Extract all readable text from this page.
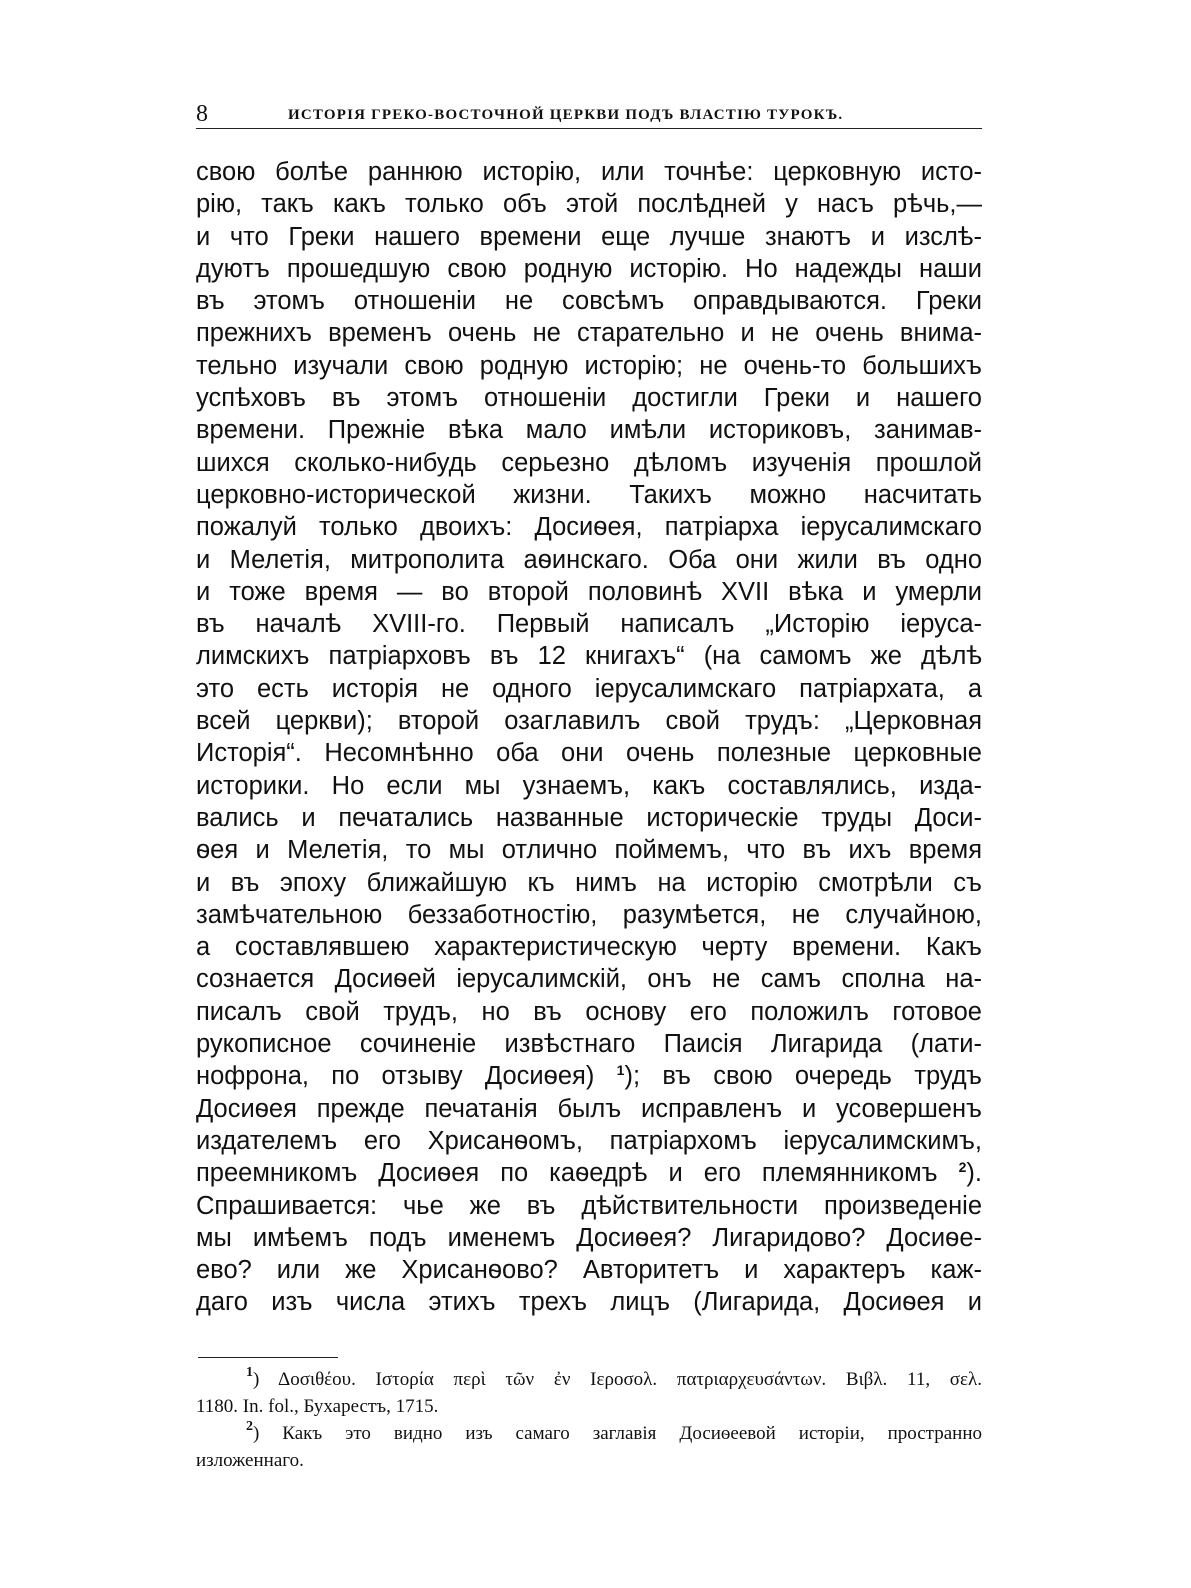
8	ИСТОРІЯ ГРЕКО-ВОСТОЧНОЙ ЦЕРКВИ ПОДЪ ВЛАСТІЮ ТУРОКЪ.
свою болѣе раннюю исторію, или точнѣе: церковную исто-
рію, такъ какъ только объ этой послѣдней у насъ рѣчь,—
и что Греки нашего времени еще лучше знаютъ и изслѣ-
дуютъ прошедшую свою родную исторію. Но надежды наши
въ этомъ отношеніи не совсѣмъ оправдываются. Греки
прежнихъ временъ очень не старательно и не очень внима-
тельно изучали свою родную исторію; не очень-то большихъ
успѣховъ въ этомъ отношеніи достигли Греки и нашего
времени. Прежніе вѣка мало имѣли историковъ, занимав-
шихся сколько-нибудь серьезно дѣломъ изученія прошлой
церковно-исторической жизни. Такихъ можно насчитать
пожалуй только двоихъ: Досиѳея, патріарха іерусалимскаго
и Мелетія, митрополита аѳинскаго. Оба они жили въ одно
и тоже время — во второй половинѣ XVII вѣка и умерли
въ началѣ XVIII-го. Первый написалъ „Исторію іеруса-
лимскихъ патріарховъ въ 12 книгахъ“ (на самомъ же дѣлѣ
это есть исторія не одного іерусалимскаго патріархата, а
всей церкви); второй озаглавилъ свой трудъ: „Церковная
Исторія“. Несомнѣнно оба они очень полезные церковные
историки. Но если мы узнаемъ, какъ составлялись, изда-
вались и печатались названные историческіе труды Доси-
ѳея и Мелетія, то мы отлично поймемъ, что въ ихъ время
и въ эпоху ближайшую къ нимъ на исторію смотрѣли съ
замѣчательною беззаботностію, разумѣется, не случайною,
а составлявшею характеристическую черту времени. Какъ
сознается Досиѳей іерусалимскій, онъ не самъ сполна на-
писалъ свой трудъ, но въ основу его положилъ готовое
рукописное сочиненіе извѣстнаго Паисія Лигарида (лати-
нофрона, по отзыву Досиѳея) $^1$); въ свою очередь трудъ
Досиѳея прежде печатанія былъ исправленъ и усовершенъ
издателемъ его Хрисанѳомъ, патріархомъ іерусалимскимъ,
преемникомъ Досиѳея по каѳедрѣ и его племянникомъ $^2$).
Спрашивается: чье же въ дѣйствительности произведеніе
мы имѣемъ подъ именемъ Досиѳея? Лигаридово? Досиѳе-
ево? или же Хрисанѳово? Авторитетъ и характеръ каж-
даго изъ числа этихъ трехъ лицъ (Лигарида, Досиѳея и
$^1$) Δοσιθέου. Ιστορία περὶ τῶν ἐν Ιεροσολ. πατριαρχευσάντων. Βιβλ. 11, σελ.
1180. In. fol., Бухарестъ, 1715.
$^2$) Какъ это видно изъ самаго заглавія Досиѳеевой исторіи, пространно
изложеннаго.
